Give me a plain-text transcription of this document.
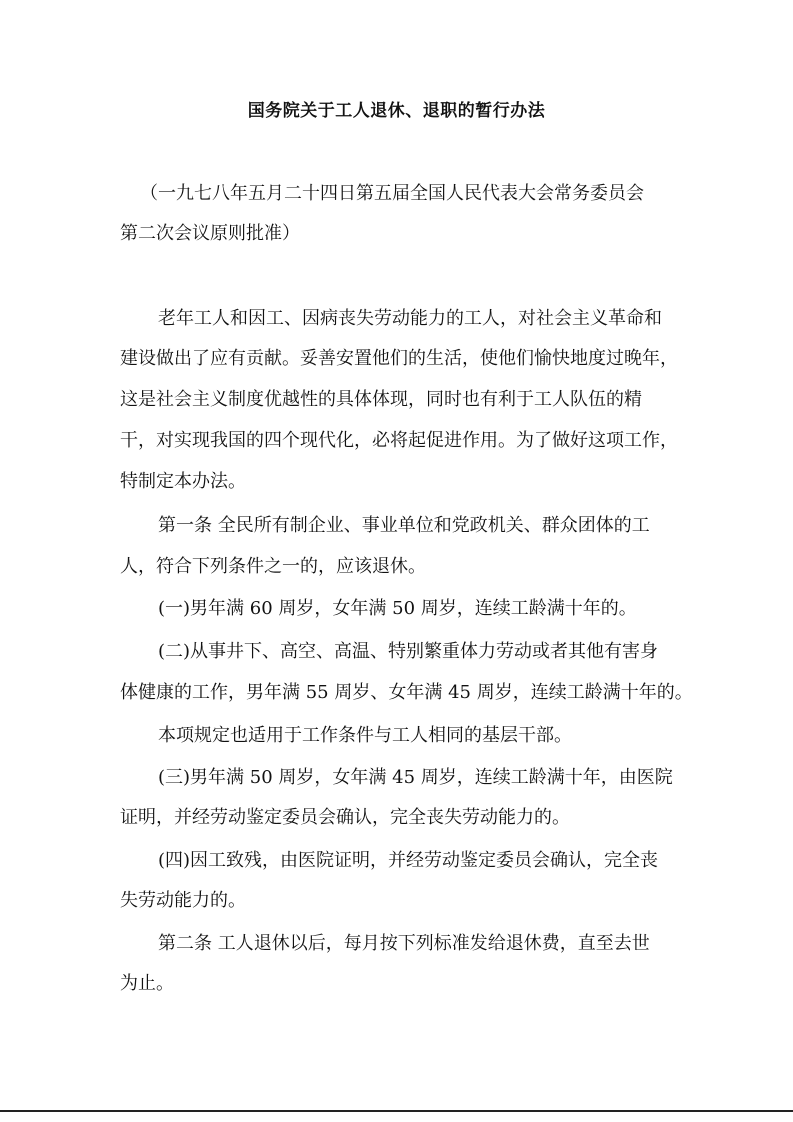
国务院关于工人退休、退职的暂行办法
（一九七八年五月二十四日第五届全国人民代表大会常务委员会
第二次会议原则批准）
老年工人和因工、因病丧失劳动能力的工人，对社会主义革命和
建设做出了应有贡献。妥善安置他们的生活，使他们愉快地度过晚年，
这是社会主义制度优越性的具体体现，同时也有利于工人队伍的精
干，对实现我国的四个现代化，必将起促进作用。为了做好这项工作，
特制定本办法。
第一条 全民所有制企业、事业单位和党政机关、群众团体的工
人，符合下列条件之一的，应该退休。
(一)男年满 60 周岁，女年满 50 周岁，连续工龄满十年的。
(二)从事井下、高空、高温、特别繁重体力劳动或者其他有害身
体健康的工作，男年满 55 周岁、女年满 45 周岁，连续工龄满十年的。
本项规定也适用于工作条件与工人相同的基层干部。
(三)男年满 50 周岁，女年满 45 周岁，连续工龄满十年，由医院
证明，并经劳动鉴定委员会确认，完全丧失劳动能力的。
(四)因工致残，由医院证明，并经劳动鉴定委员会确认，完全丧
失劳动能力的。
第二条 工人退休以后，每月按下列标准发给退休费，直至去世
为止。
